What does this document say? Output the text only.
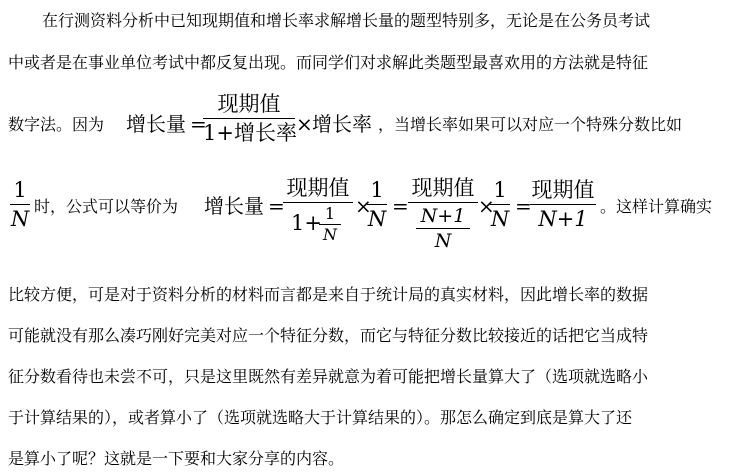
在行测资料分析中已知现期值和增长率求解增长量的题型特别多，无论是在公务员考试
中或者是在事业单位考试中都反复出现。而同学们对求解此类题型最喜欢用的方法就是特征
数字法。因为 增长量 =
现期值
1+增长率 × 增长率 ，当增长率如果可以对应一个特殊分数比如
1
N
时，公式可以等价为 增长量 =
现期值
1+ 1
N
×
1
N
=
现期值
N+1
N
×
1
N
=
现期值
N+1
。这样计算确实
比较方便，可是对于资料分析的材料而言都是来自于统计局的真实材料，因此增长率的数据
可能就没有那么凑巧刚好完美对应一个特征分数，而它与特征分数比较接近的话把它当成特
征分数看待也未尝不可，只是这里既然有差异就意为着可能把增长量算大了（选项就选略小
于计算结果的），或者算小了（选项就选略大于计算结果的）。那怎么确定到底是算大了还
是算小了呢？这就是一下要和大家分享的内容。
